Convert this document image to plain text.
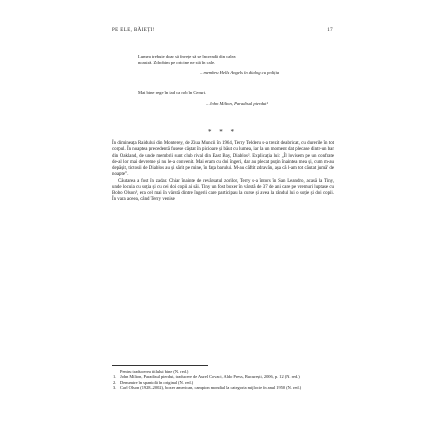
PE ELE, BĂIEȚI!	17
Lumea trebuie doar să învețe să se încreadă din calea
noastră. Zdrobim pe oricine ne stă în cale.
– membru Hells Angels în dialog cu poliția
Mai bine rege în iad ca rob în Ceruri.
– John Milton, Paradisul pierdut¹
* * *

În dimineața Raidului din Monterey, de Ziua Muncii în 1964, Terry Telderu s-a trezit deabricat, cu durerile în tot corpul. În noaptea precedentă fusese câștat în picioare și băut cu lumea, iar la un moment dat plecase dintr-un bar din Oakland, de unde membrii sunt club rival din East Bay, Diablos². Explicația lui: „Îl lovisem pe un confrate de-al lor mai devreme și nu le-a convenit. Mai eram cu doi îngeri, dar au plecat puțin înaintea mea și, cum m-au depășit, tictosii de Diablos au și sărit pe mine, în fața barului. M-au căftit zdravăn, așa că l-am tot căutat jumă' de noapte”.

Căutarea a fost în zadar. Chiar înainte de revărsatul zorilor, Terry s-a întors în San Leandro, acasă la Tiny, unde locuia cu soția și cu cei doi copii ai săi. Tiny un fost boxer în vârstă de 37 de ani care pe vremuri luptase cu Bobo Olson³, era cel mai în vârstă dintre îngerii care participau la curse și avea la rândul lui o soție și doi copii. În vara aceea, când Terry venise

Pentru traducerea titlului bine (N. red.)
1. John Milton, Paradisul pierdut, traducere de Aurel Covaci, Aldo Press, București, 2006, p. 12 (N. red.)
2. Denumire în spaniolă în original (N. red.)
3. Carl Olson (1928–2002), boxer american, campion mondial la categoria mijlocie în anul 1950 (N. red.)
